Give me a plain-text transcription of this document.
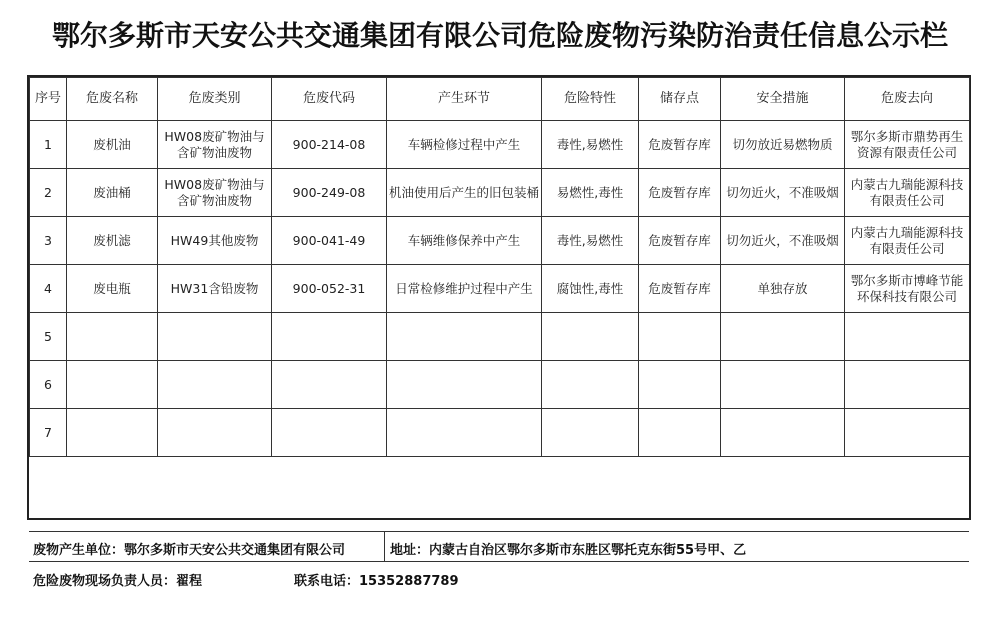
鄂尔多斯市天安公共交通集团有限公司危险废物污染防治责任信息公示栏
序号	危废名称	危废类别	危废代码	产生环节	危险特性	储存点	安全措施	危废去向
1	废机油	HW08废矿物油与含矿物油废物	900-214-08	车辆检修过程中产生	毒性,易燃性	危废暂存库	切勿放近易燃物质	鄂尔多斯市鼎势再生资源有限责任公司
2	废油桶	HW08废矿物油与含矿物油废物	900-249-08	机油使用后产生的旧包装桶	易燃性,毒性	危废暂存库	切勿近火，不准吸烟	内蒙古九瑞能源科技有限责任公司
3	废机滤	HW49其他废物	900-041-49	车辆维修保养中产生	毒性,易燃性	危废暂存库	切勿近火，不准吸烟	内蒙古九瑞能源科技有限责任公司
4	废电瓶	HW31含铅废物	900-052-31	日常检修维护过程中产生	腐蚀性,毒性	危废暂存库	单独存放	鄂尔多斯市博峰节能环保科技有限公司
5								
6								
7								
废物产生单位：鄂尔多斯市天安公共交通集团有限公司	地址：内蒙古自治区鄂尔多斯市东胜区鄂托克东街55号甲、乙
危险废物现场负责人员：翟程	联系电话：15352887789
